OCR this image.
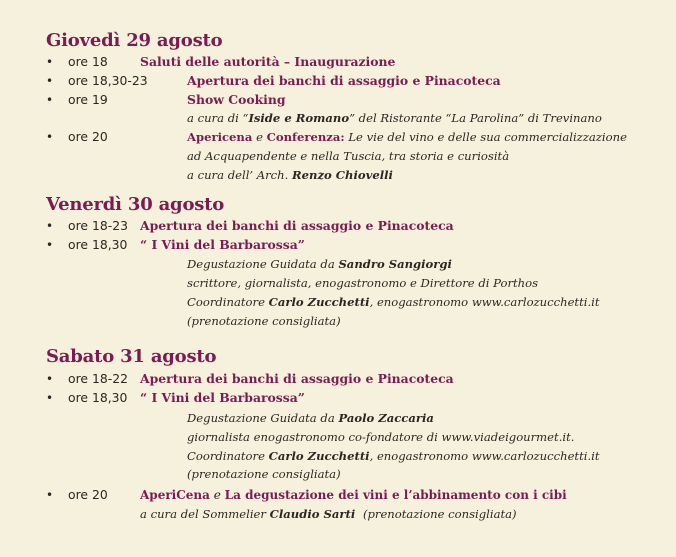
Giovedì 29 agosto
• ore 18	Saluti delle autorità – Inaugurazione
• ore 18,30-23	Apertura dei banchi di assaggio e Pinacoteca
• ore 19	Show Cooking
a cura di “Iside e Romano” del Ristorante “La Parolina” di Trevinano
• ore 20	Apericena e Conferenza: Le vie del vino e delle sua commercializzazione
ad Acquapendente e nella Tuscia, tra storia e curiosità
a cura dell’ Arch. Renzo Chiovelli
Venerdì 30 agosto
• ore 18-23 Apertura dei banchi di assaggio e Pinacoteca
• ore 18,30 “ I Vini del Barbarossa”
Degustazione Guidata da Sandro Sangiorgi
scrittore, giornalista, enogastronomo e Direttore di Porthos
Coordinatore Carlo Zucchetti, enogastronomo www.carlozucchetti.it
(prenotazione consigliata)
Sabato 31 agosto
• ore 18-22 Apertura dei banchi di assaggio e Pinacoteca
• ore 18,30 “ I Vini del Barbarossa”
Degustazione Guidata da Paolo Zaccaria
giornalista enogastronomo co-fondatore di www.viadeigourmet.it.
Coordinatore Carlo Zucchetti, enogastronomo www.carlozucchetti.it
(prenotazione consigliata)
• ore 20	AperiCena e La degustazione dei vini e l’abbinamento con i cibi
a cura del Sommelier Claudio Sarti (prenotazione consigliata)
